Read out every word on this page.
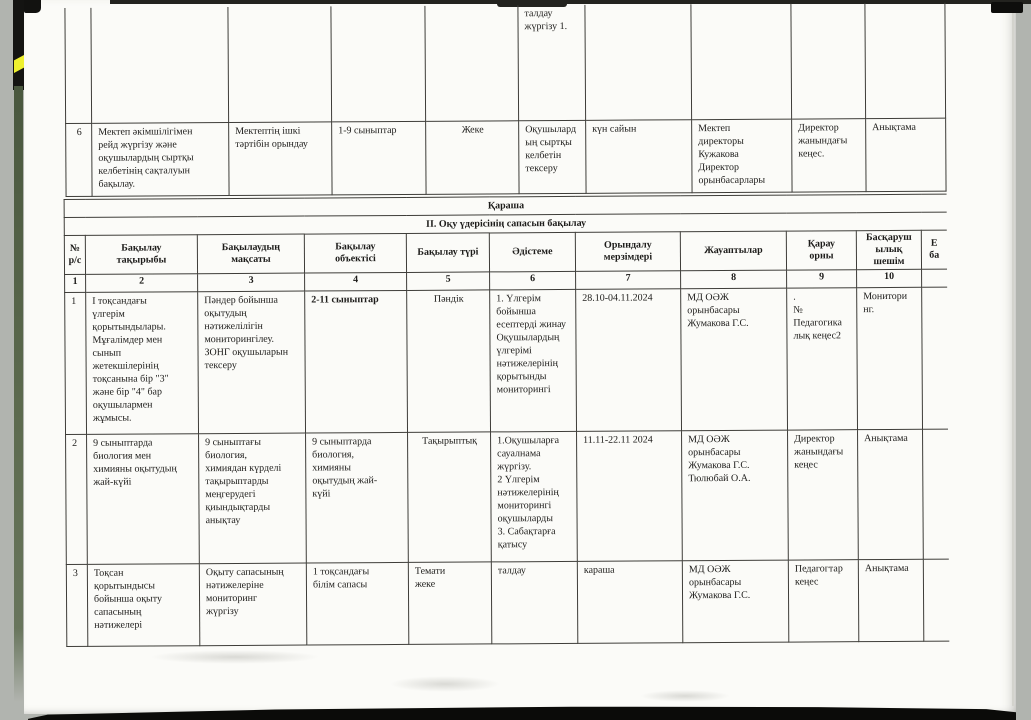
					талдау
жүргізу 1.				
6	Мектеп әкімшілігімен
рейд жүргізу және
оқушылардың сыртқы
келбетінің сақталуын
бақылау.	Мектептің ішкі
тәртібін орындау	1-9 сыныптар	Жеке	Оқушылард
ың сыртқы
келбетін
тексеру	күн сайын	Мектеп
директоры
Кужакова
Директор
орынбасарлары	Директор
жанындағы
кеңес.	Анықтама
Қараша										
II. Оқу үдерісінің сапасын бақылау										
№
р/с	Бақылау
тақырыбы	Бақылаудың
мақсаты	Бақылау
объектісі	Бақылау түрі	Әдістеме	Орындалу
мерзімдері	Жауаптылар	Қарау
орны	Басқаруш
ылық
шешім	Е
ба
1	2	3	4	5	6	7	8	9	10	
1	І тоқсандағы
үлгерім
қорытындылары.
Мұғалімдер мен
сынып
жетекшілерінің
тоқсанына бір "3"
және бір "4" бар
оқушылармен
жұмысы.	Пәндер бойынша
оқытудың
нәтижелілігін
мониторингілеу.
ЗОНГ оқушыларын
тексеру	2-11 сыныптар	Пәндік	1. Үлгерім
бойынша
есептерді жинау
Оқушылардың
үлгерімі
нәтижелерінің
қорытынды
мониторингі	28.10-04.11.2024	МД ОӘЖ
орынбасары
Жумакова Г.С.	.
№
Педагогика
лық кеңес2	Монитори
нг.	
2	9 сыныптарда
биология мен
химияны оқытудың
жай-күйі	9 сыныптағы
биология,
химиядан күрделі
тақырыптарды
меңгерудегі
қиындықтарды
анықтау	9 сыныптарда
биология,
химияны
оқытудың жай-
күйі	Тақырыптық	1.Оқушыларға
сауалнама
жүргізу.
2 Үлгерім
нәтижелерінің
мониторингі
оқушыларды
3. Сабақтарға
қатысу	11.11-22.11 2024	МД ОӘЖ
орынбасары
Жумакова Г.С.
Тюлюбай О.А.	Директор
жанындағы
кеңес	Анықтама	
3	Тоқсан
қорытындысы
бойынша оқыту
сапасының
нәтижелері	Оқыту сапасының
нәтижелеріне
мониторинг
жүргізу	1 тоқсандағы
білім сапасы	Темати
жеке	талдау	караша	МД ОӘЖ
орынбасары
Жумакова Г.С.	Педагогтар
кеңес	Анықтама	
